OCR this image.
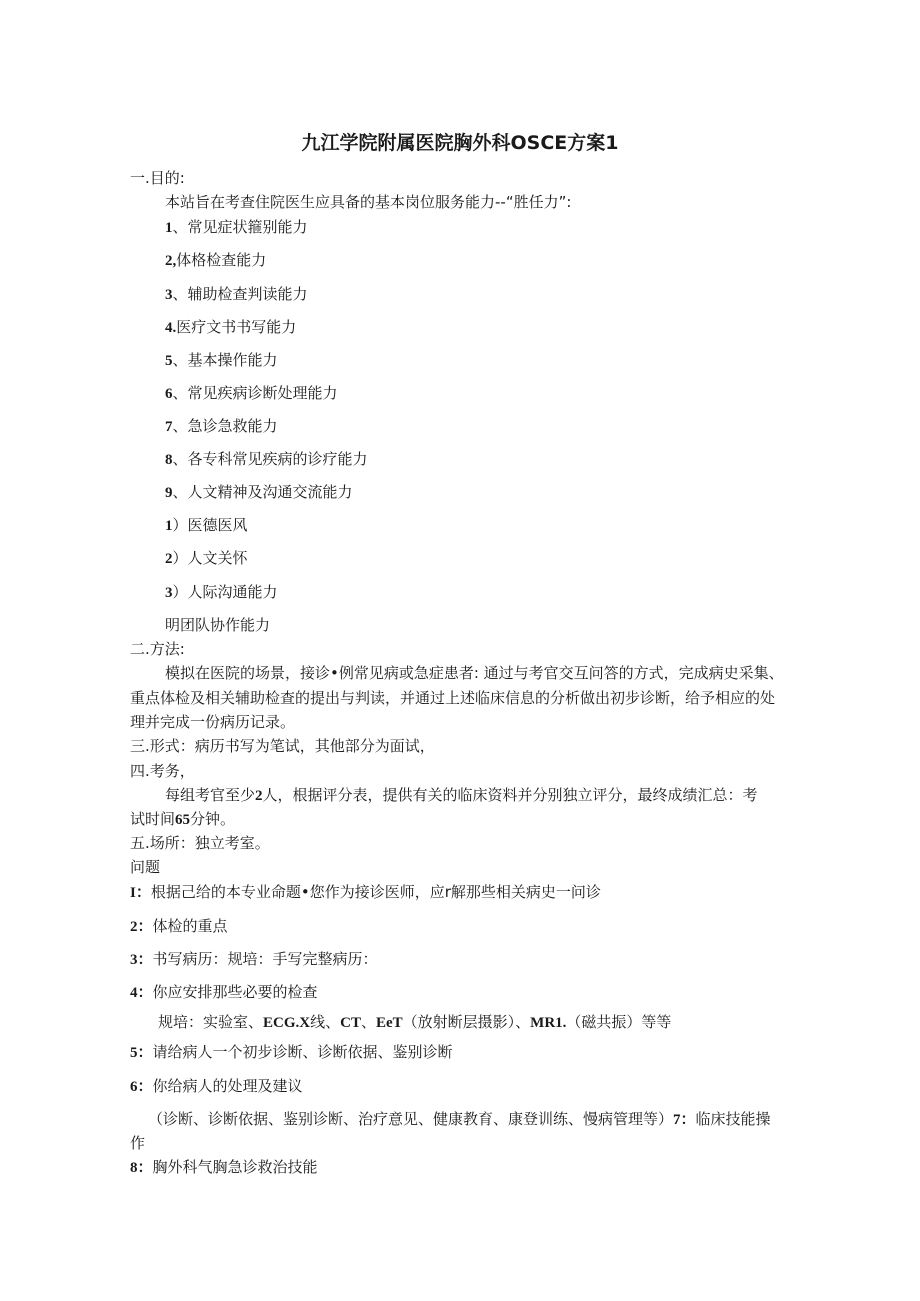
九江学院附属医院胸外科OSCE方案1
一.目的:
本站旨在考查住院医生应具备的基本岗位服务能力--“胜任力”:
1、常见症状箍别能力
2,体格检查能力
3、辅助检查判读能力
4.医疗文书书写能力
5、基本操作能力
6、常见疾病诊断处理能力
7、急诊急救能力
8、各专科常见疾病的诊疗能力
9、人文精神及沟通交流能力
1）医德医风
2）人文关怀
3）人际沟通能力
明团队协作能力
二.方法:
模拟在医院的场景，接诊•例常见病或急症患者: 通过与考官交互问答的方式，完成病史采集、
重点体检及相关辅助检查的提出与判读，并通过上述临床信息的分析做出初步诊断，给予相应的处
理并完成一份病历记录。
三.形式：病历书写为笔试，其他部分为面试，
四.考务，
每组考官至少2人，根据评分表，提供有关的临床资料并分别独立评分，最终成绩汇总：考
试时间65分钟。
五.场所：独立考室。
问题
I：根据己给的本专业命题•您作为接诊医师，应r解那些相关病史一问诊
2：体检的重点
3：书写病历：规培：手写完整病历：
4：你应安排那些必要的检查
规培：实验室、ECG.X线、CT、EeT（放射断层摄影）、MR1.（磁共振）等等
5：请给病人一个初步诊断、诊断依据、鉴别诊断
6：你给病人的处理及建议
（诊断、诊断依据、鉴别诊断、治疗意见、健康教育、康登训练、慢病管理等）7：临床技能操
作
8：胸外科气胸急诊救治技能
